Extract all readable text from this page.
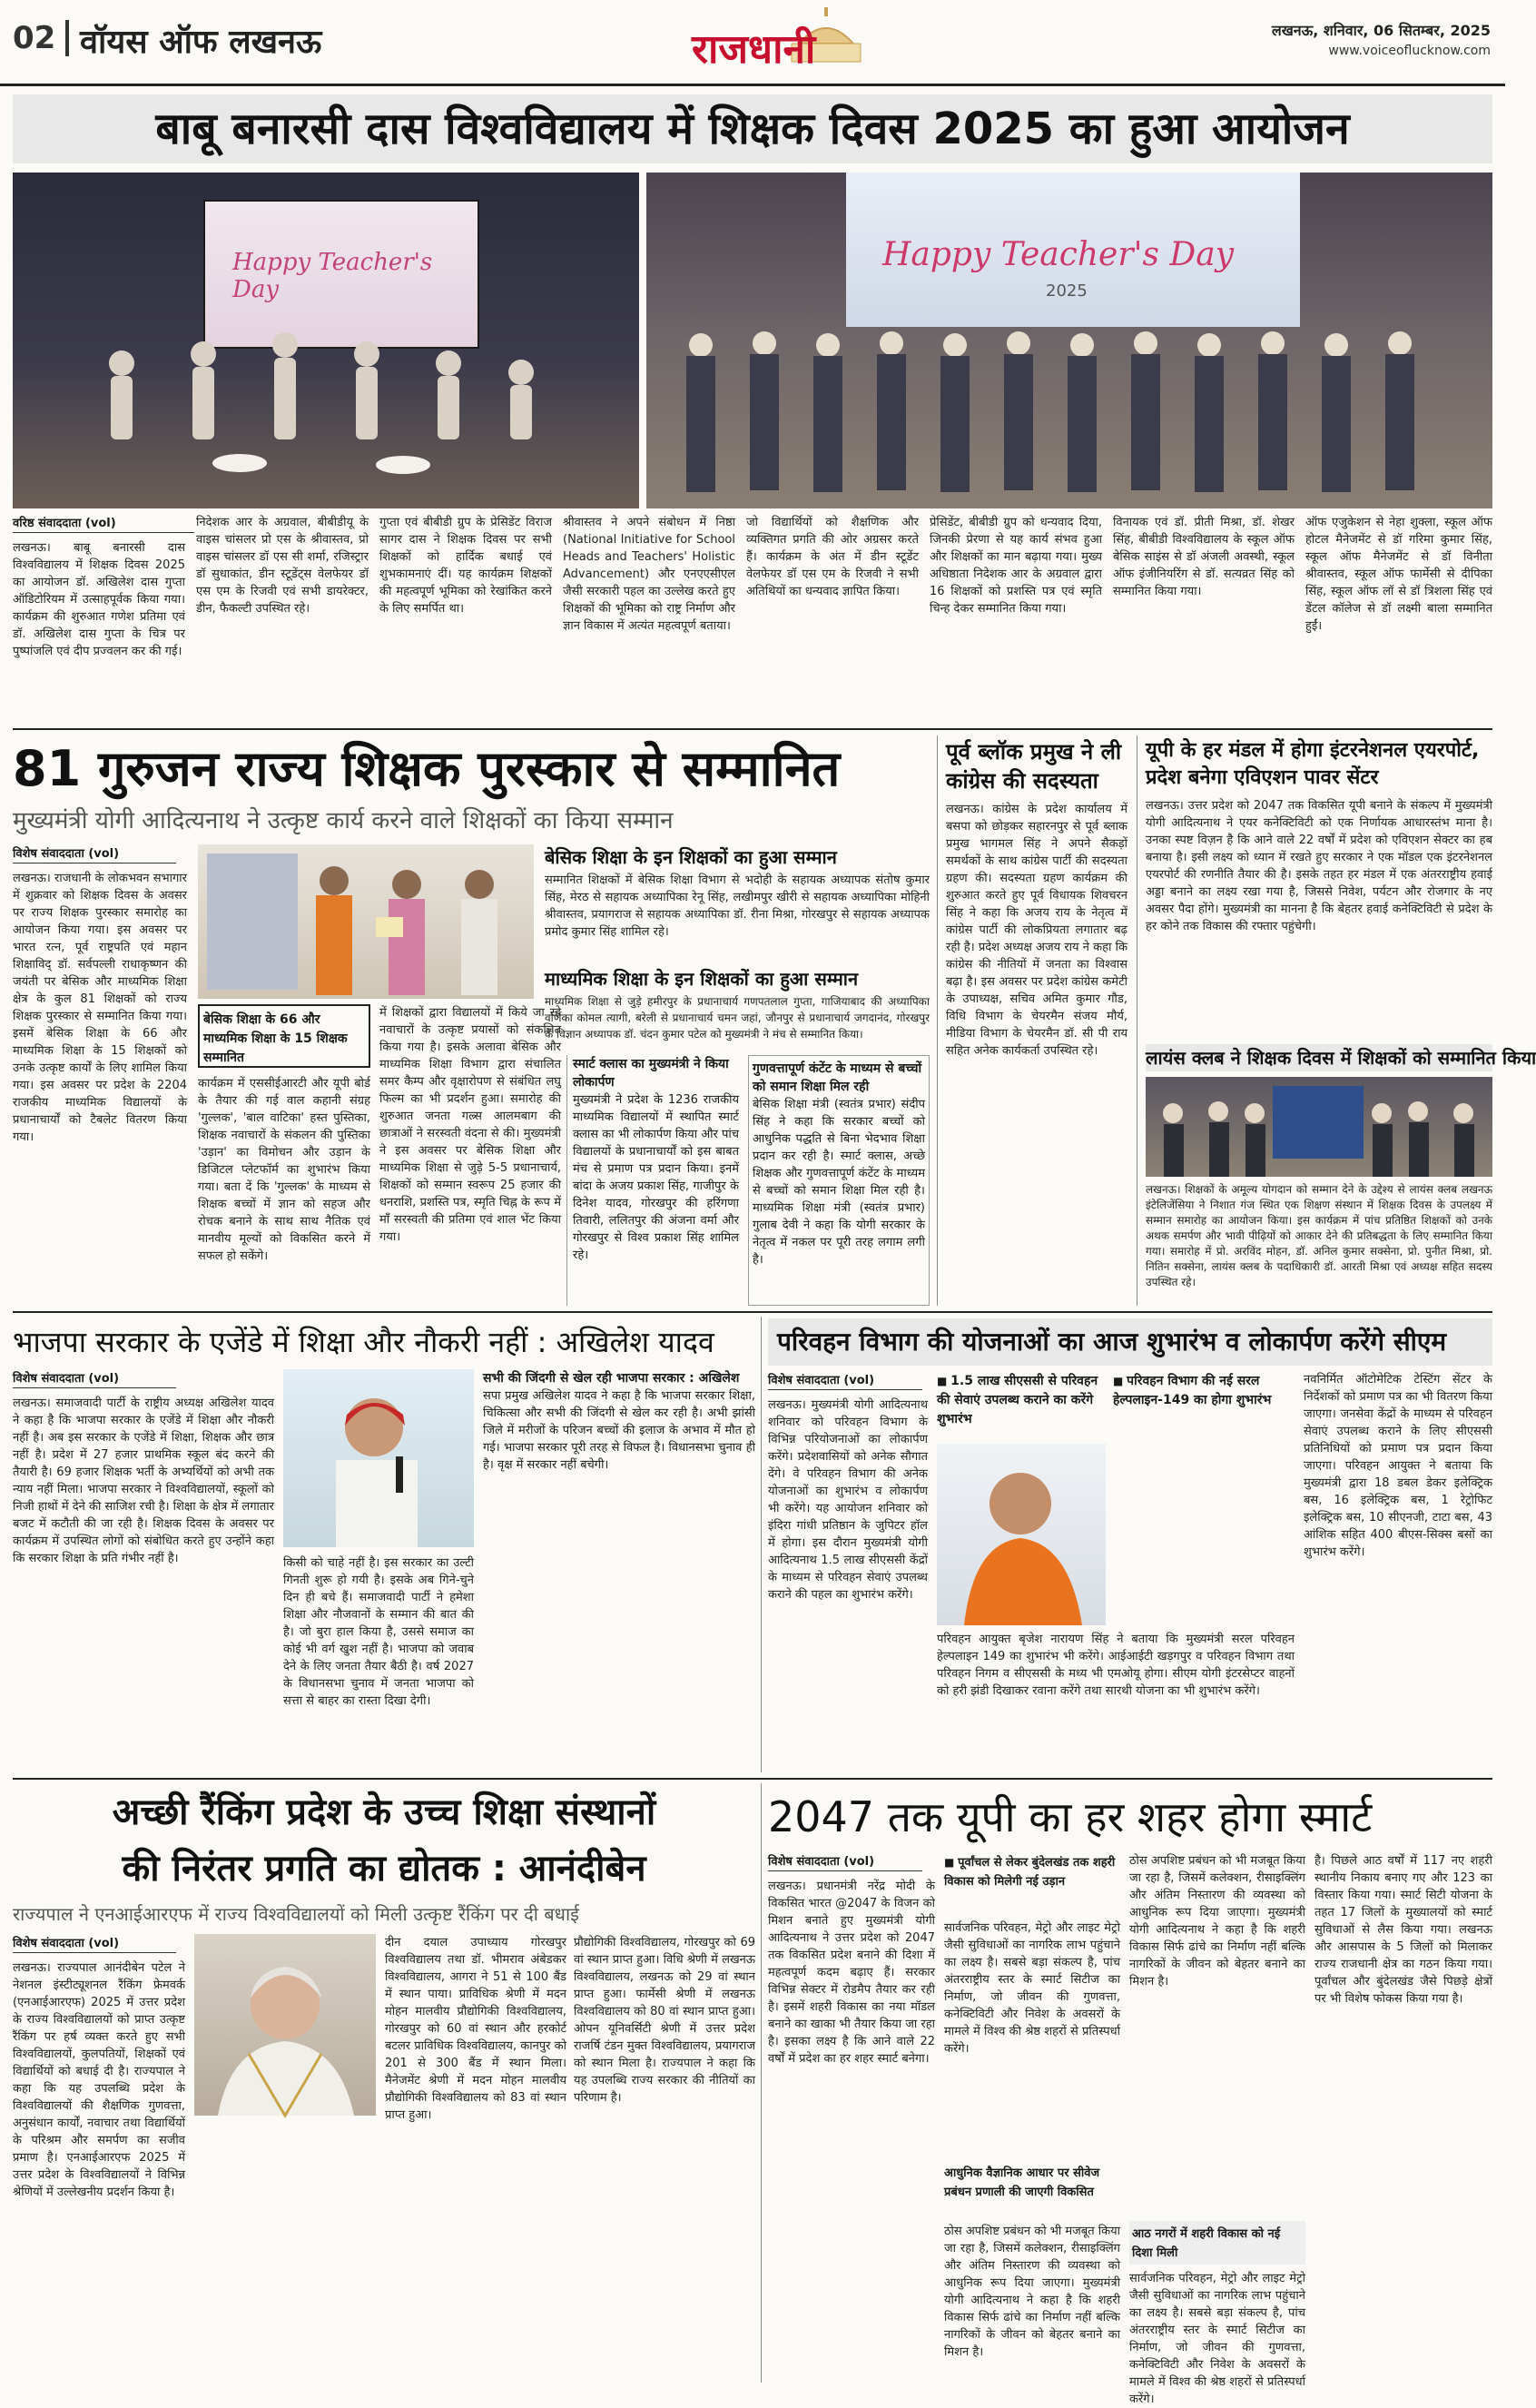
02 वॉयस ऑफ लखनऊ	राजधानी	लखनऊ, शनिवार, 06 सितम्बर, 2025
www.voiceoflucknow.com
बाबू बनारसी दास विश्वविद्यालय में शिक्षक दिवस 2025 का हुआ आयोजन
Happy Teacher's Day
Happy Teacher's Day
2025
वरिष्ठ संवाददाता (vol)
लखनऊ। बाबू बनारसी दास विश्वविद्यालय में शिक्षक दिवस 2025 का आयोजन डॉ. अखिलेश दास गुप्ता ऑडिटोरियम में उत्साहपूर्वक किया गया। कार्यक्रम की शुरुआत गणेश प्रतिमा एवं डॉ. अखिलेश दास गुप्ता के चित्र पर पुष्पांजलि एवं दीप प्रज्वलन कर की गई।
निदेशक आर के अग्रवाल, बीबीडीयू के वाइस चांसलर प्रो एस के श्रीवास्तव, प्रो वाइस चांसलर डॉ एस सी शर्मा, रजिस्ट्रार डॉ सुधाकांत, डीन स्टूडेंट्स वेलफेयर डॉ एस एम के रिजवी एवं सभी डायरेक्टर, डीन, फैकल्टी उपस्थित रहे।
गुप्ता एवं बीबीडी ग्रुप के प्रेसिडेंट विराज सागर दास ने शिक्षक दिवस पर सभी शिक्षकों को हार्दिक बधाई एवं शुभकामनाएं दीं। यह कार्यक्रम शिक्षकों की महत्वपूर्ण भूमिका को रेखांकित करने के लिए समर्पित था।
श्रीवास्तव ने अपने संबोधन में निष्ठा (National Initiative for School Heads and Teachers' Holistic Advancement) और एनएएसीएल जैसी सरकारी पहल का उल्लेख करते हुए शिक्षकों की भूमिका को राष्ट्र निर्माण और ज्ञान विकास में अत्यंत महत्वपूर्ण बताया।
जो विद्यार्थियों को शैक्षणिक और व्यक्तिगत प्रगति की ओर अग्रसर करते हैं। कार्यक्रम के अंत में डीन स्टूडेंट वेलफेयर डॉ एस एम के रिजवी ने सभी अतिथियों का धन्यवाद ज्ञापित किया।
प्रेसिडेंट, बीबीडी ग्रुप को धन्यवाद दिया, जिनकी प्रेरणा से यह कार्य संभव हुआ और शिक्षकों का मान बढ़ाया गया। मुख्य अधिष्ठाता निदेशक आर के अग्रवाल द्वारा 16 शिक्षकों को प्रशस्ति पत्र एवं स्मृति चिन्ह देकर सम्मानित किया गया।
विनायक एवं डॉ. प्रीती मिश्रा, डॉ. शेखर सिंह, बीबीडी विश्वविद्यालय के स्कूल ऑफ बेसिक साइंस से डॉ अंजली अवस्थी, स्कूल ऑफ इंजीनियरिंग से डॉ. सत्यव्रत सिंह को सम्मानित किया गया।
ऑफ एजुकेशन से नेहा शुक्ला, स्कूल ऑफ होटल मैनेजमेंट से डॉ गरिमा कुमार सिंह, स्कूल ऑफ मैनेजमेंट से डॉ विनीता श्रीवास्तव, स्कूल ऑफ फार्मेसी से दीपिका सिंह, स्कूल ऑफ लॉ से डॉ त्रिशला सिंह एवं डेंटल कॉलेज से डॉ लक्ष्मी बाला सम्मानित हुईं।
81 गुरुजन राज्य शिक्षक पुरस्कार से सम्मानित
मुख्यमंत्री योगी आदित्यनाथ ने उत्कृष्ट कार्य करने वाले शिक्षकों का किया सम्मान
विशेष संवाददाता (vol)
लखनऊ। राजधानी के लोकभवन सभागार में शुक्रवार को शिक्षक दिवस के अवसर पर राज्य शिक्षक पुरस्कार समारोह का आयोजन किया गया। इस अवसर पर भारत रत्न, पूर्व राष्ट्रपति एवं महान शिक्षाविद् डॉ. सर्वपल्ली राधाकृष्णन की जयंती पर बेसिक और माध्यमिक शिक्षा क्षेत्र के कुल 81 शिक्षकों को राज्य शिक्षक पुरस्कार से सम्मानित किया गया। इसमें बेसिक शिक्षा के 66 और माध्यमिक शिक्षा के 15 शिक्षकों को उनके उत्कृष्ट कार्यों के लिए शामिल किया गया। इस अवसर पर प्रदेश के 2204 राजकीय माध्यमिक विद्यालयों के प्रधानाचार्यों को टैबलेट वितरण किया गया।
बेसिक शिक्षा के 66 और माध्यमिक शिक्षा के 15 शिक्षक सम्मानित
कार्यक्रम में एससीईआरटी और यूपी बोर्ड के तैयार की गई वाल कहानी संग्रह 'गुल्लक', 'बाल वाटिका' हस्त पुस्तिका, शिक्षक नवाचारों के संकलन की पुस्तिका 'उड़ान' का विमोचन और उड़ान के डिजिटल प्लेटफॉर्म का शुभारंभ किया गया। बता दें कि 'गुल्लक' के माध्यम से शिक्षक बच्चों में ज्ञान को सहज और रोचक बनाने के साथ साथ नैतिक एवं मानवीय मूल्यों को विकसित करने में सफल हो सकेंगे।
में शिक्षकों द्वारा विद्यालयों में किये जा रहे नवाचारों के उत्कृष्ट प्रयासों को संकलित किया गया है। इसके अलावा बेसिक और माध्यमिक शिक्षा विभाग द्वारा संचालित समर कैम्प और वृक्षारोपण से संबंधित लघु फिल्म का भी प्रदर्शन हुआ। समारोह की शुरुआत जनता गल्र्स आलमबाग की छात्राओं ने सरस्वती वंदना से की। मुख्यमंत्री ने इस अवसर पर बेसिक शिक्षा और माध्यमिक शिक्षा से जुड़े 5-5 प्रधानाचार्य, शिक्षकों को सम्मान स्वरूप 25 हजार की धनराशि, प्रशस्ति पत्र, स्मृति चिह्न के रूप में माँ सरस्वती की प्रतिमा एवं शाल भेंट किया गया।
बेसिक शिक्षा के इन शिक्षकों का हुआ सम्मान
सम्मानित शिक्षकों में बेसिक शिक्षा विभाग से भदोही के सहायक अध्यापक संतोष कुमार सिंह, मेरठ से सहायक अध्यापिका रेनू सिंह, लखीमपुर खीरी से सहायक अध्यापिका मोहिनी श्रीवास्तव, प्रयागराज से सहायक अध्यापिका डॉ. रीना मिश्रा, गोरखपुर से सहायक अध्यापक प्रमोद कुमार सिंह शामिल रहे।
माध्यमिक शिक्षा के इन शिक्षकों का हुआ सम्मान
माध्यमिक शिक्षा से जुड़े हमीरपुर के प्रधानाचार्य गणपतलाल गुप्ता, गाजियाबाद की अध्यापिका वर्णिका कोमल त्यागी, बरेली से प्रधानाचार्य चमन जहां, जौनपुर से प्रधानाचार्य जगदानंद, गोरखपुर के विज्ञान अध्यापक डॉ. चंदन कुमार पटेल को मुख्यमंत्री ने मंच से सम्मानित किया।
स्मार्ट क्लास का मुख्यमंत्री ने किया लोकार्पण
मुख्यमंत्री ने प्रदेश के 1236 राजकीय माध्यमिक विद्यालयों में स्थापित स्मार्ट क्लास का भी लोकार्पण किया और पांच विद्यालयों के प्रधानाचार्यों को इस बाबत मंच से प्रमाण पत्र प्रदान किया। इनमें बांदा के अजय प्रकाश सिंह, गाजीपुर के दिनेश यादव, गोरखपुर की हरिंगणा तिवारी, ललितपुर की अंजना वर्मा और गोरखपुर से विश्व प्रकाश सिंह शामिल रहे।
गुणवत्तापूर्ण कंटेंट के माध्यम से बच्चों को समान शिक्षा मिल रही
बेसिक शिक्षा मंत्री (स्वतंत्र प्रभार) संदीप सिंह ने कहा कि सरकार बच्चों को आधुनिक पद्धति से बिना भेदभाव शिक्षा प्रदान कर रही है। स्मार्ट क्लास, अच्छे शिक्षक और गुणवत्तापूर्ण कंटेंट के माध्यम से बच्चों को समान शिक्षा मिल रही है। माध्यमिक शिक्षा मंत्री (स्वतंत्र प्रभार) गुलाब देवी ने कहा कि योगी सरकार के नेतृत्व में नकल पर पूरी तरह लगाम लगी है।
पूर्व ब्लॉक प्रमुख ने ली कांग्रेस की सदस्यता
लखनऊ। कांग्रेस के प्रदेश कार्यालय में बसपा को छोड़कर सहारनपुर से पूर्व ब्लाक प्रमुख भागमल सिंह ने अपने सैकड़ों समर्थकों के साथ कांग्रेस पार्टी की सदस्यता ग्रहण की। सदस्यता ग्रहण कार्यक्रम की शुरुआत करते हुए पूर्व विधायक शिवचरन सिंह ने कहा कि अजय राय के नेतृत्व में कांग्रेस पार्टी की लोकप्रियता लगातार बढ़ रही है। प्रदेश अध्यक्ष अजय राय ने कहा कि कांग्रेस की नीतियों में जनता का विश्वास बढ़ा है। इस अवसर पर प्रदेश कांग्रेस कमेटी के उपाध्यक्ष, सचिव अमित कुमार गौड, विधि विभाग के चेयरमैन संजय मौर्य, मीडिया विभाग के चेयरमैन डॉ. सी पी राय सहित अनेक कार्यकर्ता उपस्थित रहे।
यूपी के हर मंडल में होगा इंटरनेशनल एयरपोर्ट, प्रदेश बनेगा एविएशन पावर सेंटर
लखनऊ। उत्तर प्रदेश को 2047 तक विकसित यूपी बनाने के संकल्प में मुख्यमंत्री योगी आदित्यनाथ ने एयर कनेक्टिविटी को एक निर्णायक आधारस्तंभ माना है। उनका स्पष्ट विज़न है कि आने वाले 22 वर्षों में प्रदेश को एविएशन सेक्टर का हब बनाया है। इसी लक्ष्य को ध्यान में रखते हुए सरकार ने एक मॉडल एक इंटरनेशनल एयरपोर्ट की रणनीति तैयार की है। इसके तहत हर मंडल में एक अंतरराष्ट्रीय हवाई अड्डा बनाने का लक्ष्य रखा गया है, जिससे निवेश, पर्यटन और रोजगार के नए अवसर पैदा होंगे। मुख्यमंत्री का मानना है कि बेहतर हवाई कनेक्टिविटी से प्रदेश के हर कोने तक विकास की रफ्तार पहुंचेगी।
लायंस क्लब ने शिक्षक दिवस में शिक्षकों को सम्मानित किया
लखनऊ। शिक्षकों के अमूल्य योगदान को सम्मान देने के उद्देश्य से लायंस क्लब लखनऊ इंटेलिजेंसिया ने निशात गंज स्थित एक शिक्षण संस्थान में शिक्षक दिवस के उपलक्ष्य में सम्मान समारोह का आयोजन किया। इस कार्यक्रम में पांच प्रतिष्ठित शिक्षकों को उनके अथक समर्पण और भावी पीढ़ियों को आकार देने की प्रतिबद्धता के लिए सम्मानित किया गया। समारोह में प्रो. अरविंद मोहन, डॉ. अनिल कुमार सक्सेना, प्रो. पुनीत मिश्रा, प्रो. नितिन सक्सेना, लायंस क्लब के पदाधिकारी डॉ. आरती मिश्रा एवं अध्यक्ष सहित सदस्य उपस्थित रहे।
भाजपा सरकार के एजेंडे में शिक्षा और नौकरी नहीं : अखिलेश यादव
विशेष संवाददाता (vol)
लखनऊ। समाजवादी पार्टी के राष्ट्रीय अध्यक्ष अखिलेश यादव ने कहा है कि भाजपा सरकार के एजेंडे में शिक्षा और नौकरी नहीं है। अब इस सरकार के एजेंडे में शिक्षा, शिक्षक और छात्र नहीं है। प्रदेश में 27 हजार प्राथमिक स्कूल बंद करने की तैयारी है। 69 हजार शिक्षक भर्ती के अभ्यर्थियों को अभी तक न्याय नहीं मिला। भाजपा सरकार ने विश्वविद्यालयों, स्कूलों को निजी हाथों में देने की साजिश रची है। शिक्षा के क्षेत्र में लगातार बजट में कटौती की जा रही है। शिक्षक दिवस के अवसर पर कार्यक्रम में उपस्थित लोगों को संबोधित करते हुए उन्होंने कहा कि सरकार शिक्षा के प्रति गंभीर नहीं है।	किसी को चाहे नहीं है। इस सरकार का उल्टी गिनती शुरू हो गयी है। इसके अब गिने-चुने दिन ही बचे हैं। समाजवादी पार्टी ने हमेशा शिक्षा और नौजवानों के सम्मान की बात की है। जो बुरा हाल किया है, उससे समाज का कोई भी वर्ग खुश नहीं है। भाजपा को जवाब देने के लिए जनता तैयार बैठी है। वर्ष 2027 के विधानसभा चुनाव में जनता भाजपा को सत्ता से बाहर का रास्ता दिखा देगी।
सभी की जिंदगी से खेल रही भाजपा सरकार : अखिलेश
सपा प्रमुख अखिलेश यादव ने कहा है कि भाजपा सरकार शिक्षा, चिकित्सा और सभी की जिंदगी से खेल कर रही है। अभी झांसी जिले में मरीजों के परिजन बच्चों की इलाज के अभाव में मौत हो गई। भाजपा सरकार पूरी तरह से विफल है। विधानसभा चुनाव ही है। वृक्ष में सरकार नहीं बचेगी।
परिवहन विभाग की योजनाओं का आज शुभारंभ व लोकार्पण करेंगे सीएम
विशेष संवाददाता (vol)
लखनऊ। मुख्यमंत्री योगी आदित्यनाथ शनिवार को परिवहन विभाग के विभिन्न परियोजनाओं का लोकार्पण करेंगे। प्रदेशवासियों को अनेक सौगात देंगे। वे परिवहन विभाग की अनेक योजनाओं का शुभारंभ व लोकार्पण भी करेंगे। यह आयोजन शनिवार को इंदिरा गांधी प्रतिष्ठान के जुपिटर हॉल में होगा। इस दौरान मुख्यमंत्री योगी आदित्यनाथ 1.5 लाख सीएससी केंद्रों के माध्यम से परिवहन सेवाएं उपलब्ध कराने की पहल का शुभारंभ करेंगे।
■ 1.5 लाख सीएससी से परिवहन की सेवाएं उपलब्ध कराने का करेंगे शुभारंभ
■ परिवहन विभाग की नई सरल हेल्पलाइन-149 का होगा शुभारंभ
परिवहन आयुक्त बृजेश नारायण सिंह ने बताया कि मुख्यमंत्री सरल परिवहन हेल्पलाइन 149 का शुभारंभ भी करेंगे। आईआईटी खड़गपुर व परिवहन विभाग तथा परिवहन निगम व सीएससी के मध्य भी एमओयू होगा। सीएम योगी इंटरसेप्टर वाहनों को हरी झंडी दिखाकर रवाना करेंगे तथा सारथी योजना का भी शुभारंभ करेंगे।
नवनिर्मित ऑटोमेटिक टेस्टिंग सेंटर के निर्देशकों को प्रमाण पत्र का भी वितरण किया जाएगा। जनसेवा केंद्रों के माध्यम से परिवहन सेवाएं उपलब्ध कराने के लिए सीएससी प्रतिनिधियों को प्रमाण पत्र प्रदान किया जाएगा। परिवहन आयुक्त ने बताया कि मुख्यमंत्री द्वारा 18 डबल डेकर इलेक्ट्रिक बस, 16 इलेक्ट्रिक बस, 1 रेट्रोफिट इलेक्ट्रिक बस, 10 सीएनजी, टाटा बस, 43 आंशिक सहित 400 बीएस-सिक्स बसों का शुभारंभ करेंगे।
अच्छी रैंकिंग प्रदेश के उच्च शिक्षा संस्थानों
की निरंतर प्रगति का द्योतक : आनंदीबेन
राज्यपाल ने एनआईआरएफ में राज्य विश्वविद्यालयों को मिली उत्कृष्ट रैंकिंग पर दी बधाई
विशेष संवाददाता (vol)
लखनऊ। राज्यपाल आनंदीबेन पटेल ने नेशनल इंस्टीट्यूशनल रैंकिंग फ्रेमवर्क (एनआईआरएफ) 2025 में उत्तर प्रदेश के राज्य विश्वविद्यालयों को प्राप्त उत्कृष्ट रैंकिंग पर हर्ष व्यक्त करते हुए सभी विश्वविद्यालयों, कुलपतियों, शिक्षकों एवं विद्यार्थियों को बधाई दी है। राज्यपाल ने कहा कि यह उपलब्धि प्रदेश के विश्वविद्यालयों की शैक्षणिक गुणवत्ता, अनुसंधान कार्यों, नवाचार तथा विद्यार्थियों के परिश्रम और समर्पण का सजीव प्रमाण है। एनआईआरएफ 2025 में उत्तर प्रदेश के विश्वविद्यालयों ने विभिन्न श्रेणियों में उल्लेखनीय प्रदर्शन किया है।
दीन दयाल उपाध्याय गोरखपुर विश्वविद्यालय तथा डॉ. भीमराव अंबेडकर विश्वविद्यालय, आगरा ने 51 से 100 बैंड में स्थान पाया। प्राविधिक श्रेणी में मदन मोहन मालवीय प्रौद्योगिकी विश्वविद्यालय, गोरखपुर को 60 वां स्थान और हरकोर्ट बटलर प्राविधिक विश्वविद्यालय, कानपुर को 201 से 300 बैंड में स्थान मिला। मैनेजमेंट श्रेणी में मदन मोहन मालवीय प्रौद्योगिकी विश्वविद्यालय को 83 वां स्थान प्राप्त हुआ।
प्रौद्योगिकी विश्वविद्यालय, गोरखपुर को 69 वां स्थान प्राप्त हुआ। विधि श्रेणी में लखनऊ विश्वविद्यालय, लखनऊ को 29 वां स्थान प्राप्त हुआ। फार्मेसी श्रेणी में लखनऊ विश्वविद्यालय को 80 वां स्थान प्राप्त हुआ। ओपन यूनिवर्सिटी श्रेणी में उत्तर प्रदेश राजर्षि टंडन मुक्त विश्वविद्यालय, प्रयागराज को स्थान मिला है। राज्यपाल ने कहा कि यह उपलब्धि राज्य सरकार की नीतियों का परिणाम है।
2047 तक यूपी का हर शहर होगा स्मार्ट
विशेष संवाददाता (vol)
लखनऊ। प्रधानमंत्री नरेंद्र मोदी के विकसित भारत @2047 के विजन को मिशन बनाते हुए मुख्यमंत्री योगी आदित्यनाथ ने उत्तर प्रदेश को 2047 तक विकसित प्रदेश बनाने की दिशा में महत्वपूर्ण कदम बढ़ाए हैं। सरकार विभिन्न सेक्टर में रोडमैप तैयार कर रही है। इसमें शहरी विकास का नया मॉडल बनाने का खाका भी तैयार किया जा रहा है। इसका लक्ष्य है कि आने वाले 22 वर्षों में प्रदेश का हर शहर स्मार्ट बनेगा।
■ पूर्वांचल से लेकर बुंदेलखंड तक शहरी विकास को मिलेगी नई उड़ान
सार्वजनिक परिवहन, मेट्रो और लाइट मेट्रो जैसी सुविधाओं का नागरिक लाभ पहुंचाने का लक्ष्य है। सबसे बड़ा संकल्प है, पांच अंतरराष्ट्रीय स्तर के स्मार्ट सिटीज का निर्माण, जो जीवन की गुणवत्ता, कनेक्टिविटी और निवेश के अवसरों के मामले में विश्व की श्रेष्ठ शहरों से प्रतिस्पर्धा करेंगे।
आधुनिक वैज्ञानिक आधार पर सीवेज प्रबंधन प्रणाली की जाएगी विकसित
ठोस अपशिष्ट प्रबंधन को भी मजबूत किया जा रहा है, जिसमें कलेक्शन, रीसाइक्लिंग और अंतिम निस्तारण की व्यवस्था को आधुनिक रूप दिया जाएगा। मुख्यमंत्री योगी आदित्यनाथ ने कहा है कि शहरी विकास सिर्फ ढांचे का निर्माण नहीं बल्कि नागरिकों के जीवन को बेहतर बनाने का मिशन है।
आठ नगरों में शहरी विकास को नई दिशा मिली
ठोस अपशिष्ट प्रबंधन को भी मजबूत किया जा रहा है, जिसमें कलेक्शन, रीसाइक्लिंग और अंतिम निस्तारण की व्यवस्था को आधुनिक रूप दिया जाएगा। मुख्यमंत्री योगी आदित्यनाथ ने कहा है कि शहरी विकास सिर्फ ढांचे का निर्माण नहीं बल्कि नागरिकों के जीवन को बेहतर बनाने का मिशन है।
सार्वजनिक परिवहन, मेट्रो और लाइट मेट्रो जैसी सुविधाओं का नागरिक लाभ पहुंचाने का लक्ष्य है। सबसे बड़ा संकल्प है, पांच अंतरराष्ट्रीय स्तर के स्मार्ट सिटीज का निर्माण, जो जीवन की गुणवत्ता, कनेक्टिविटी और निवेश के अवसरों के मामले में विश्व की श्रेष्ठ शहरों से प्रतिस्पर्धा करेंगे।
है। पिछले आठ वर्षों में 117 नए शहरी स्थानीय निकाय बनाए गए और 123 का विस्तार किया गया। स्मार्ट सिटी योजना के तहत 17 जिलों के मुख्यालयों को स्मार्ट सुविधाओं से लैस किया गया। लखनऊ और आसपास के 5 जिलों को मिलाकर राज्य राजधानी क्षेत्र का गठन किया गया। पूर्वांचल और बुंदेलखंड जैसे पिछड़े क्षेत्रों पर भी विशेष फोकस किया गया है।
